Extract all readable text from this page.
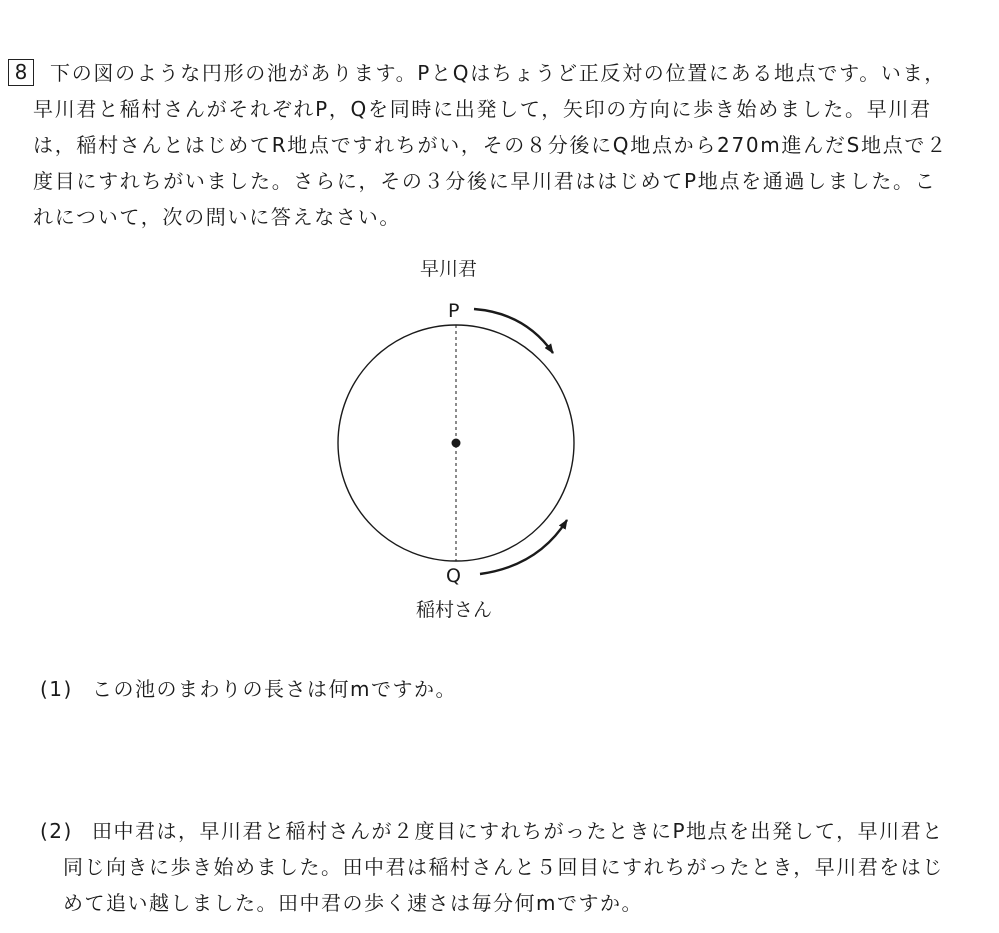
8	下の図のような円形の池があります。PとQはちょうど正反対の位置にある地点です。いま，
早川君と稲村さんがそれぞれP，Qを同時に出発して，矢印の方向に歩き始めました。早川君
は，稲村さんとはじめてR地点ですれちがい，その８分後にQ地点から270m進んだS地点で２
度目にすれちがいました。さらに，その３分後に早川君ははじめてP地点を通過しました。こ
れについて，次の問いに答えなさい。
早川君
P
Q
稲村さん
(1) この池のまわりの長さは何mですか。
(2) 田中君は，早川君と稲村さんが２度目にすれちがったときにP地点を出発して，早川君と
同じ向きに歩き始めました。田中君は稲村さんと５回目にすれちがったとき，早川君をはじ
めて追い越しました。田中君の歩く速さは毎分何mですか。
